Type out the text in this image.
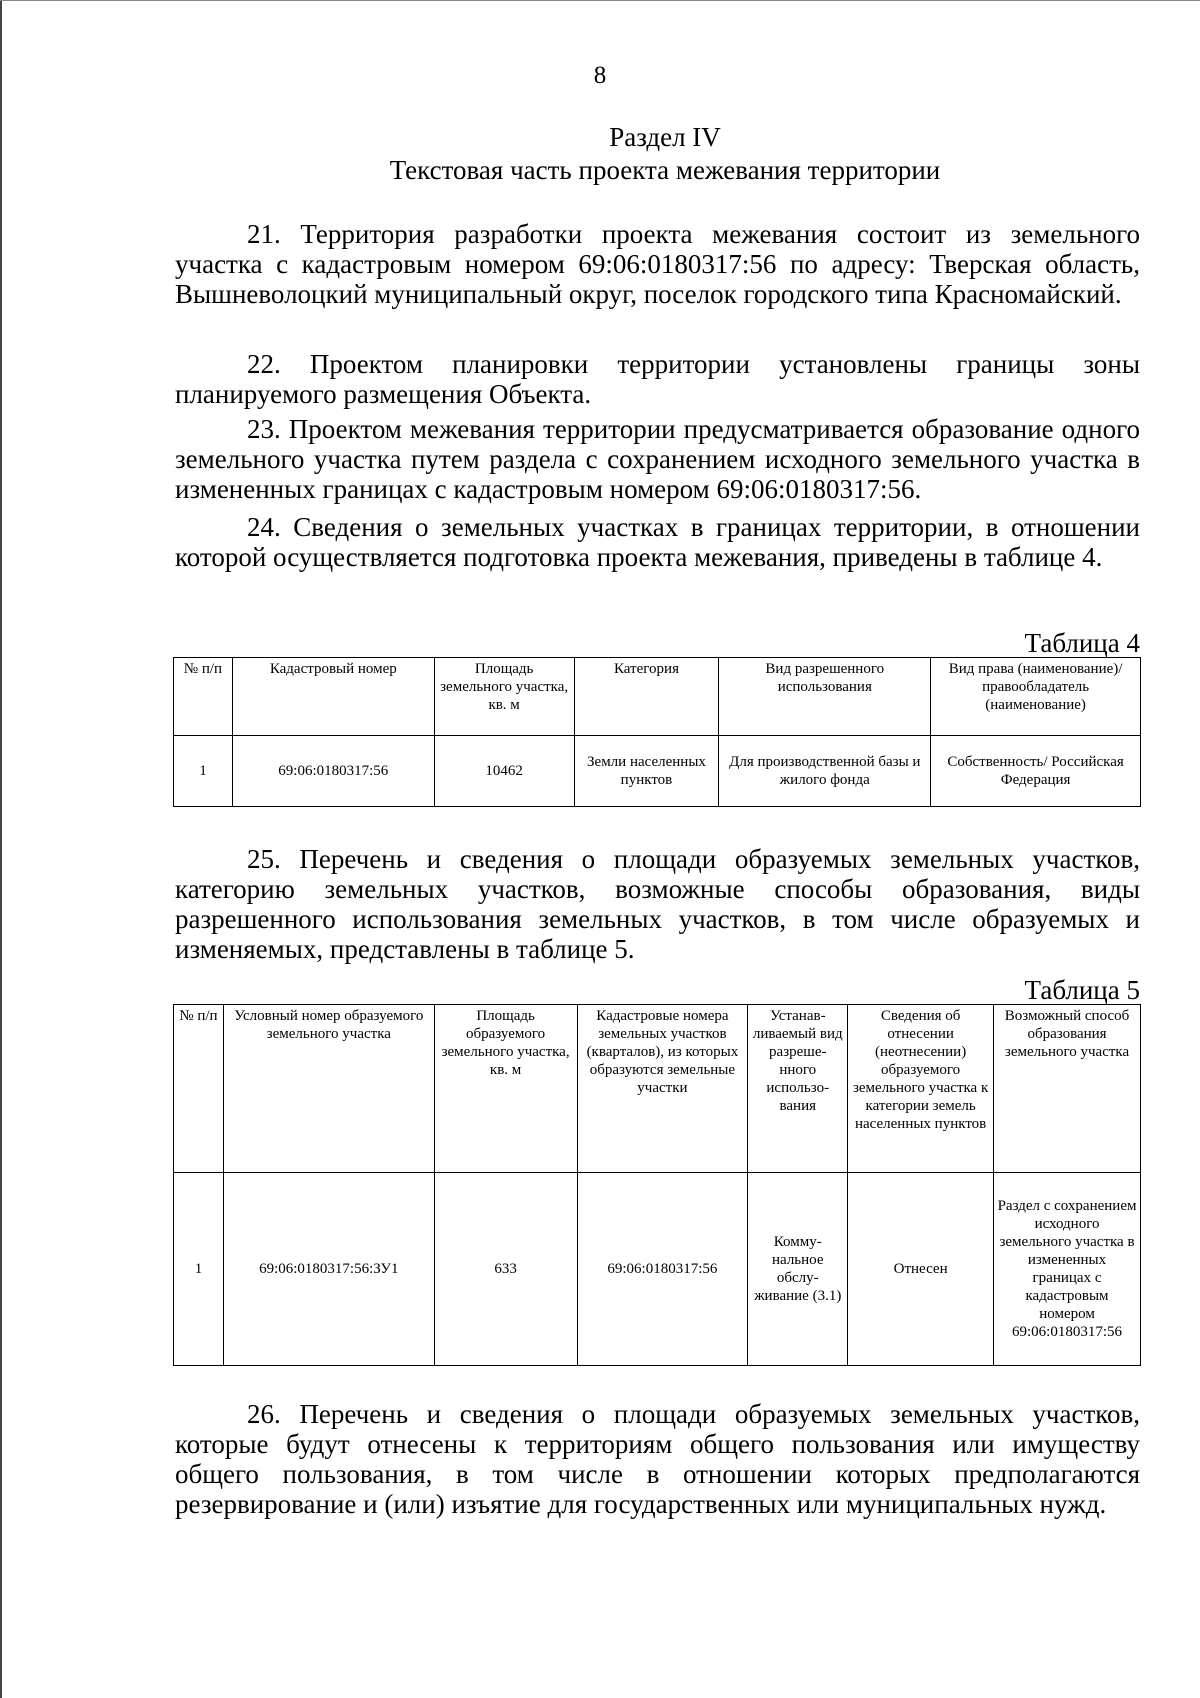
8
Раздел IV
Текстовая часть проекта межевания территории

21. Территория разработки проекта межевания состоит из земельного участка с кадастровым номером 69:06:0180317:56 по адресу: Тверская область, Вышневолоцкий муниципальный округ, поселок городского типа Красномайский.

22. Проектом планировки территории установлены границы зоны планируемого размещения Объекта.

23. Проектом межевания территории предусматривается образование одного земельного участка путем раздела с сохранением исходного земельного участка в измененных границах с кадастровым номером 69:06:0180317:56.

24. Сведения о земельных участках в границах территории, в отношении которой осуществляется подготовка проекта межевания, приведены в таблице 4.

Таблица 4
№ п/п	Кадастровый номер	Площадь земельного участка, кв. м	Категория	Вид разрешенного использования	Вид права (наименование)/ правообладатель (наименование)
1	69:06:0180317:56	10462	Земли населенных пунктов	Для производственной базы и жилого фонда	Собственность/ Российская Федерация

25. Перечень и сведения о площади образуемых земельных участков, категорию земельных участков, возможные способы образования, виды разрешенного использования земельных участков, в том числе образуемых и изменяемых, представлены в таблице 5.

Таблица 5
№ п/п	Условный номер образуемого земельного участка	Площадь образуемого земельного участка, кв. м	Кадастровые номера земельных участков (кварталов), из которых образуются земельные участки	Устанав-ливаемый вид разреше-нного использо-вания	Сведения об отнесении (неотнесении) образуемого земельного участка к категории земель населенных пунктов	Возможный способ образования земельного участка
1	69:06:0180317:56:ЗУ1	633	69:06:0180317:56	Комму-нальное обслу-живание (3.1)	Отнесен	Раздел с сохранением исходного земельного участка в измененных границах с кадастровым номером 69:06:0180317:56

26. Перечень и сведения о площади образуемых земельных участков, которые будут отнесены к территориям общего пользования или имуществу общего пользования, в том числе в отношении которых предполагаются резервирование и (или) изъятие для государственных или муниципальных нужд.
